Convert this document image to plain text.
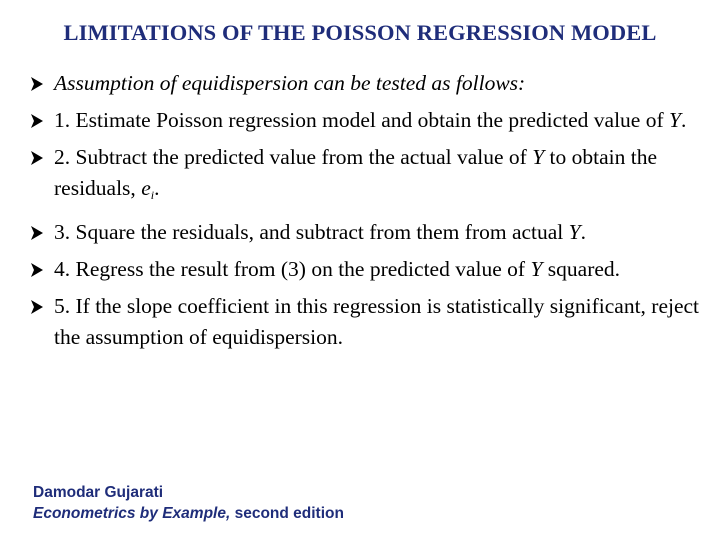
LIMITATIONS OF THE POISSON REGRESSION MODEL
Assumption of equidispersion can be tested as follows:
1. Estimate Poisson regression model and obtain the predicted value of Y.
2. Subtract the predicted value from the actual value of Y to obtain the residuals, $e_i$.
3. Square the residuals, and subtract from them from actual Y.
4. Regress the result from (3) on the predicted value of Y squared.
5. If the slope coefficient in this regression is statistically significant, reject the assumption of equidispersion.
Damodar Gujarati
Econometrics by Example, second edition
